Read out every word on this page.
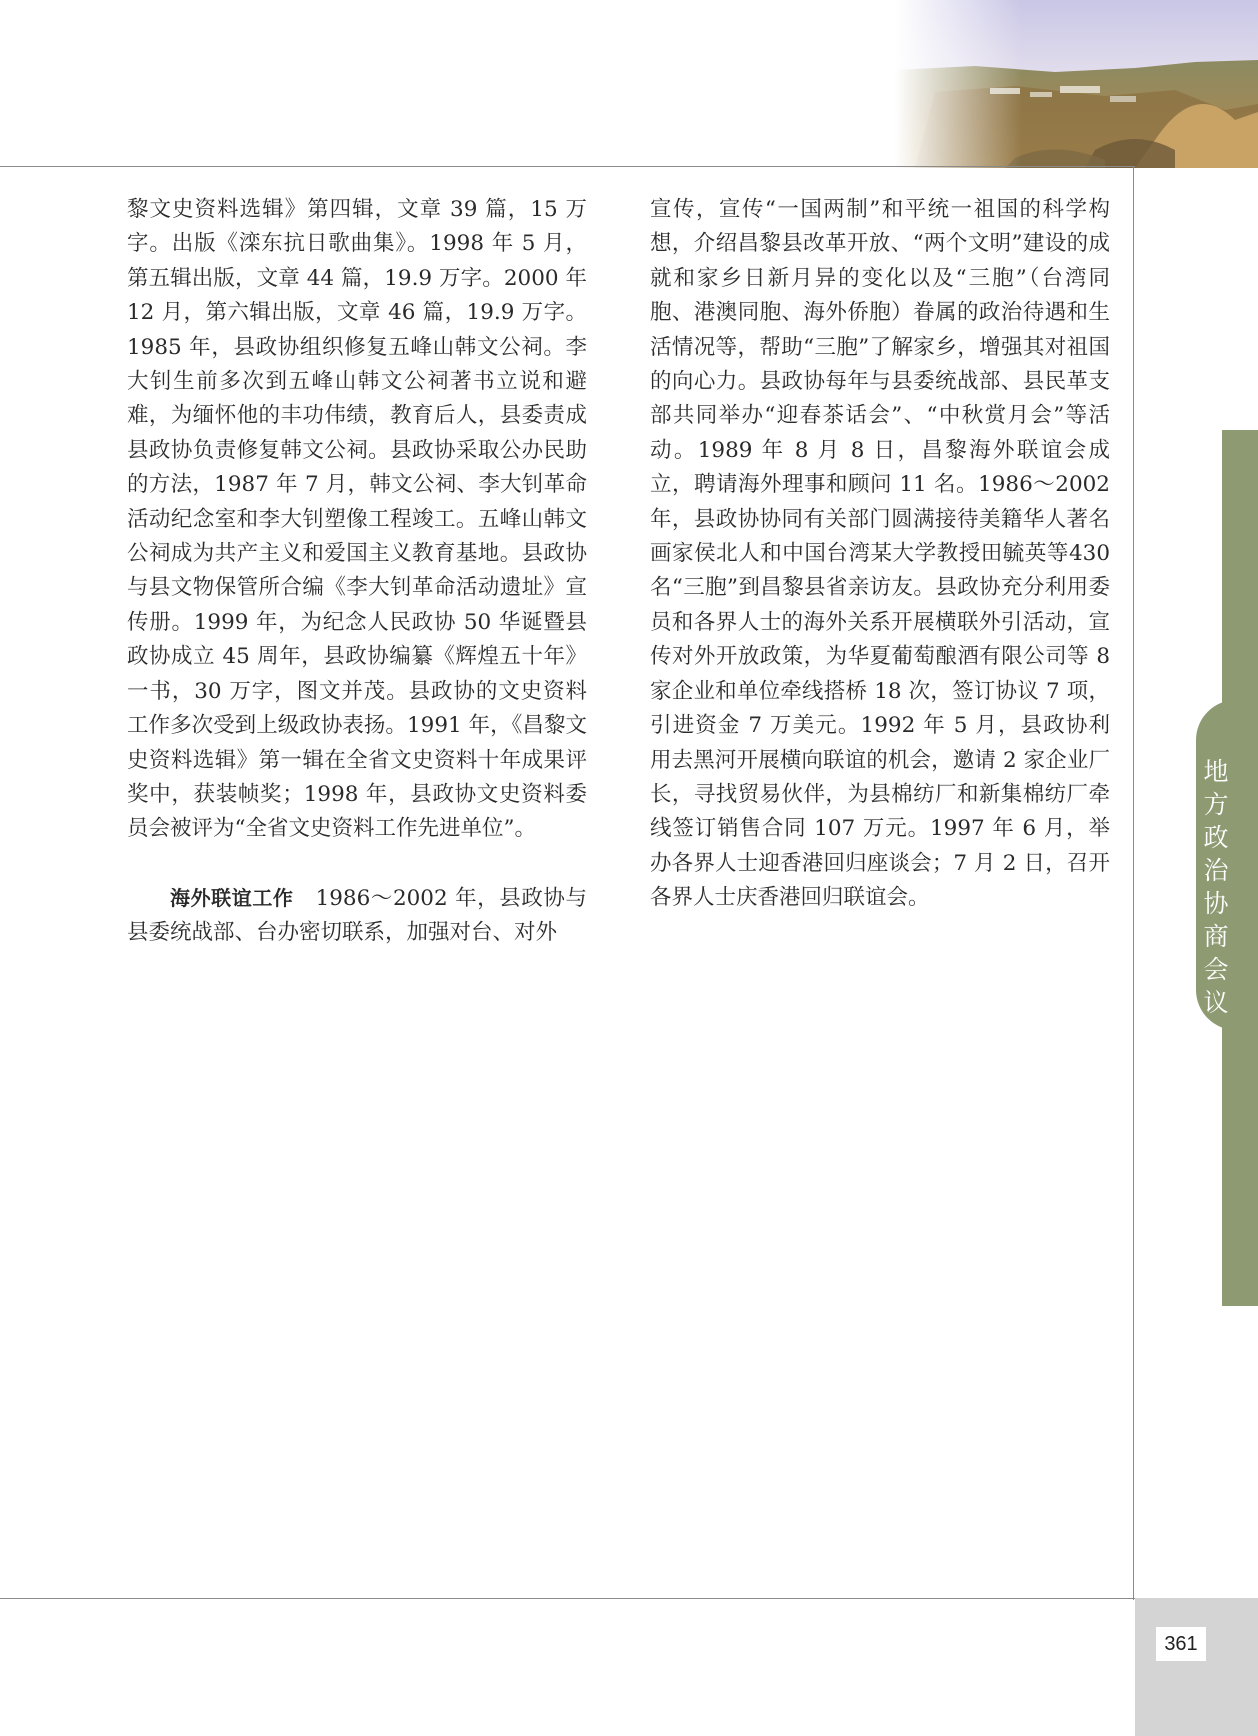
地
方
政
治
协
商
会
议
361

黎文史资料选辑》第四辑，文章 39 篇，15 万字。出版《滦东抗日歌曲集》。1998 年 5 月，第五辑出版，文章 44 篇，19.9 万字。2000 年 12 月，第六辑出版，文章 46 篇，19.9 万字。1985 年，县政协组织修复五峰山韩文公祠。李大钊生前多次到五峰山韩文公祠著书立说和避难，为缅怀他的丰功伟绩，教育后人，县委责成县政协负责修复韩文公祠。县政协采取公办民助的方法，1987 年 7 月，韩文公祠、李大钊革命活动纪念室和李大钊塑像工程竣工。五峰山韩文公祠成为共产主义和爱国主义教育基地。县政协与县文物保管所合编《李大钊革命活动遗址》宣传册。1999 年，为纪念人民政协 50 华诞暨县政协成立 45 周年，县政协编纂《辉煌五十年》一书，30 万字，图文并茂。县政协的文史资料工作多次受到上级政协表扬。1991 年，《昌黎文史资料选辑》第一辑在全省文史资料十年成果评奖中，获装帧奖；1998 年，县政协文史资料委员会被评为“全省文史资料工作先进单位”。

海外联谊工作　 1986～2002 年，县政协与县委统战部、台办密切联系，加强对台、对外

宣传，宣传“一国两制”和平统一祖国的科学构想，介绍昌黎县改革开放、“两个文明”建设的成就和家乡日新月异的变化以及“三胞”（台湾同胞、港澳同胞、海外侨胞）眷属的政治待遇和生活情况等，帮助“三胞”了解家乡，增强其对祖国的向心力。县政协每年与县委统战部、县民革支部共同举办“迎春茶话会”、“中秋赏月会”等活动。1989 年 8 月 8 日，昌黎海外联谊会成立，聘请海外理事和顾问 11 名。1986～2002 年，县政协协同有关部门圆满接待美籍华人著名画家侯北人和中国台湾某大学教授田毓英等430 名“三胞”到昌黎县省亲访友。县政协充分利用委员和各界人士的海外关系开展横联外引活动，宣传对外开放政策，为华夏葡萄酿酒有限公司等 8 家企业和单位牵线搭桥 18 次，签订协议 7 项，引进资金 7 万美元。1992 年 5 月，县政协利用去黑河开展横向联谊的机会，邀请 2 家企业厂长，寻找贸易伙伴，为县棉纺厂和新集棉纺厂牵线签订销售合同 107 万元。1997 年 6 月，举办各界人士迎香港回归座谈会；7 月 2 日，召开各界人士庆香港回归联谊会。
